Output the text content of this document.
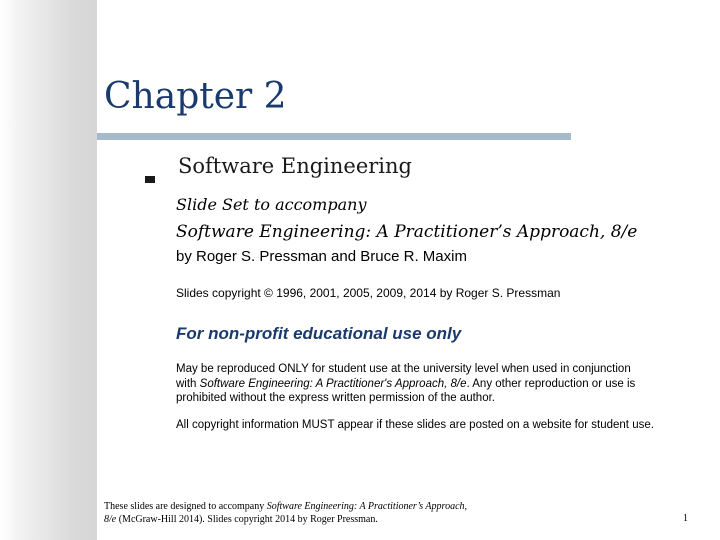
Chapter 2
Software Engineering
Slide Set to accompany
Software Engineering: A Practitioner’s Approach, 8/e
by Roger S. Pressman and Bruce R. Maxim
Slides copyright © 1996, 2001, 2005, 2009, 2014 by Roger S. Pressman
For non-profit educational use only
May be reproduced ONLY for student use at the university level when used in conjunction
with Software Engineering: A Practitioner's Approach, 8/e. Any other reproduction or use is
prohibited without the express written permission of the author.
All copyright information MUST appear if these slides are posted on a website for student use.
These slides are designed to accompany Software Engineering: A Practitioner’s Approach,
8/e (McGraw-Hill 2014). Slides copyright 2014 by Roger Pressman.	1
